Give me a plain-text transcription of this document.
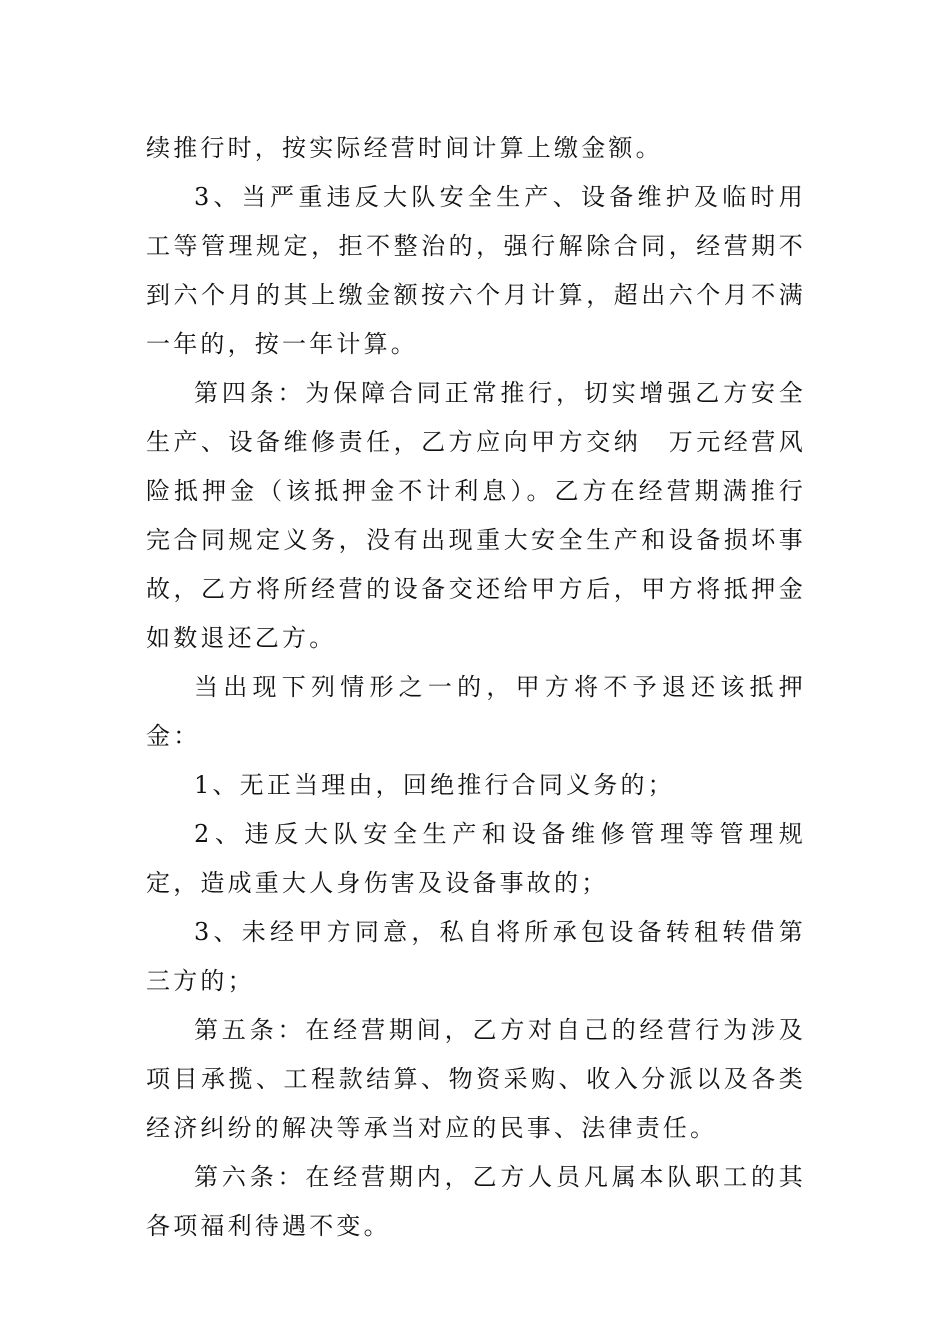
续推行时，按实际经营时间计算上缴金额。

3、当严重违反大队安全生产、设备维护及临时用工等管理规定，拒不整治的，强行解除合同，经营期不到六个月的其上缴金额按六个月计算，超出六个月不满一年的，按一年计算。

第四条：为保障合同正常推行，切实增强乙方安全生产、设备维修责任，乙方应向甲方交纳　万元经营风险抵押金（该抵押金不计利息）。乙方在经营期满推行完合同规定义务，没有出现重大安全生产和设备损坏事故，乙方将所经营的设备交还给甲方后，甲方将抵押金如数退还乙方。

当出现下列情形之一的，甲方将不予退还该抵押金：

1、无正当理由，回绝推行合同义务的；

2、违反大队安全生产和设备维修管理等管理规定，造成重大人身伤害及设备事故的；

3、未经甲方同意，私自将所承包设备转租转借第三方的；

第五条：在经营期间，乙方对自己的经营行为涉及项目承揽、工程款结算、物资采购、收入分派以及各类经济纠纷的解决等承当对应的民事、法律责任。

第六条：在经营期内，乙方人员凡属本队职工的其各项福利待遇不变。
